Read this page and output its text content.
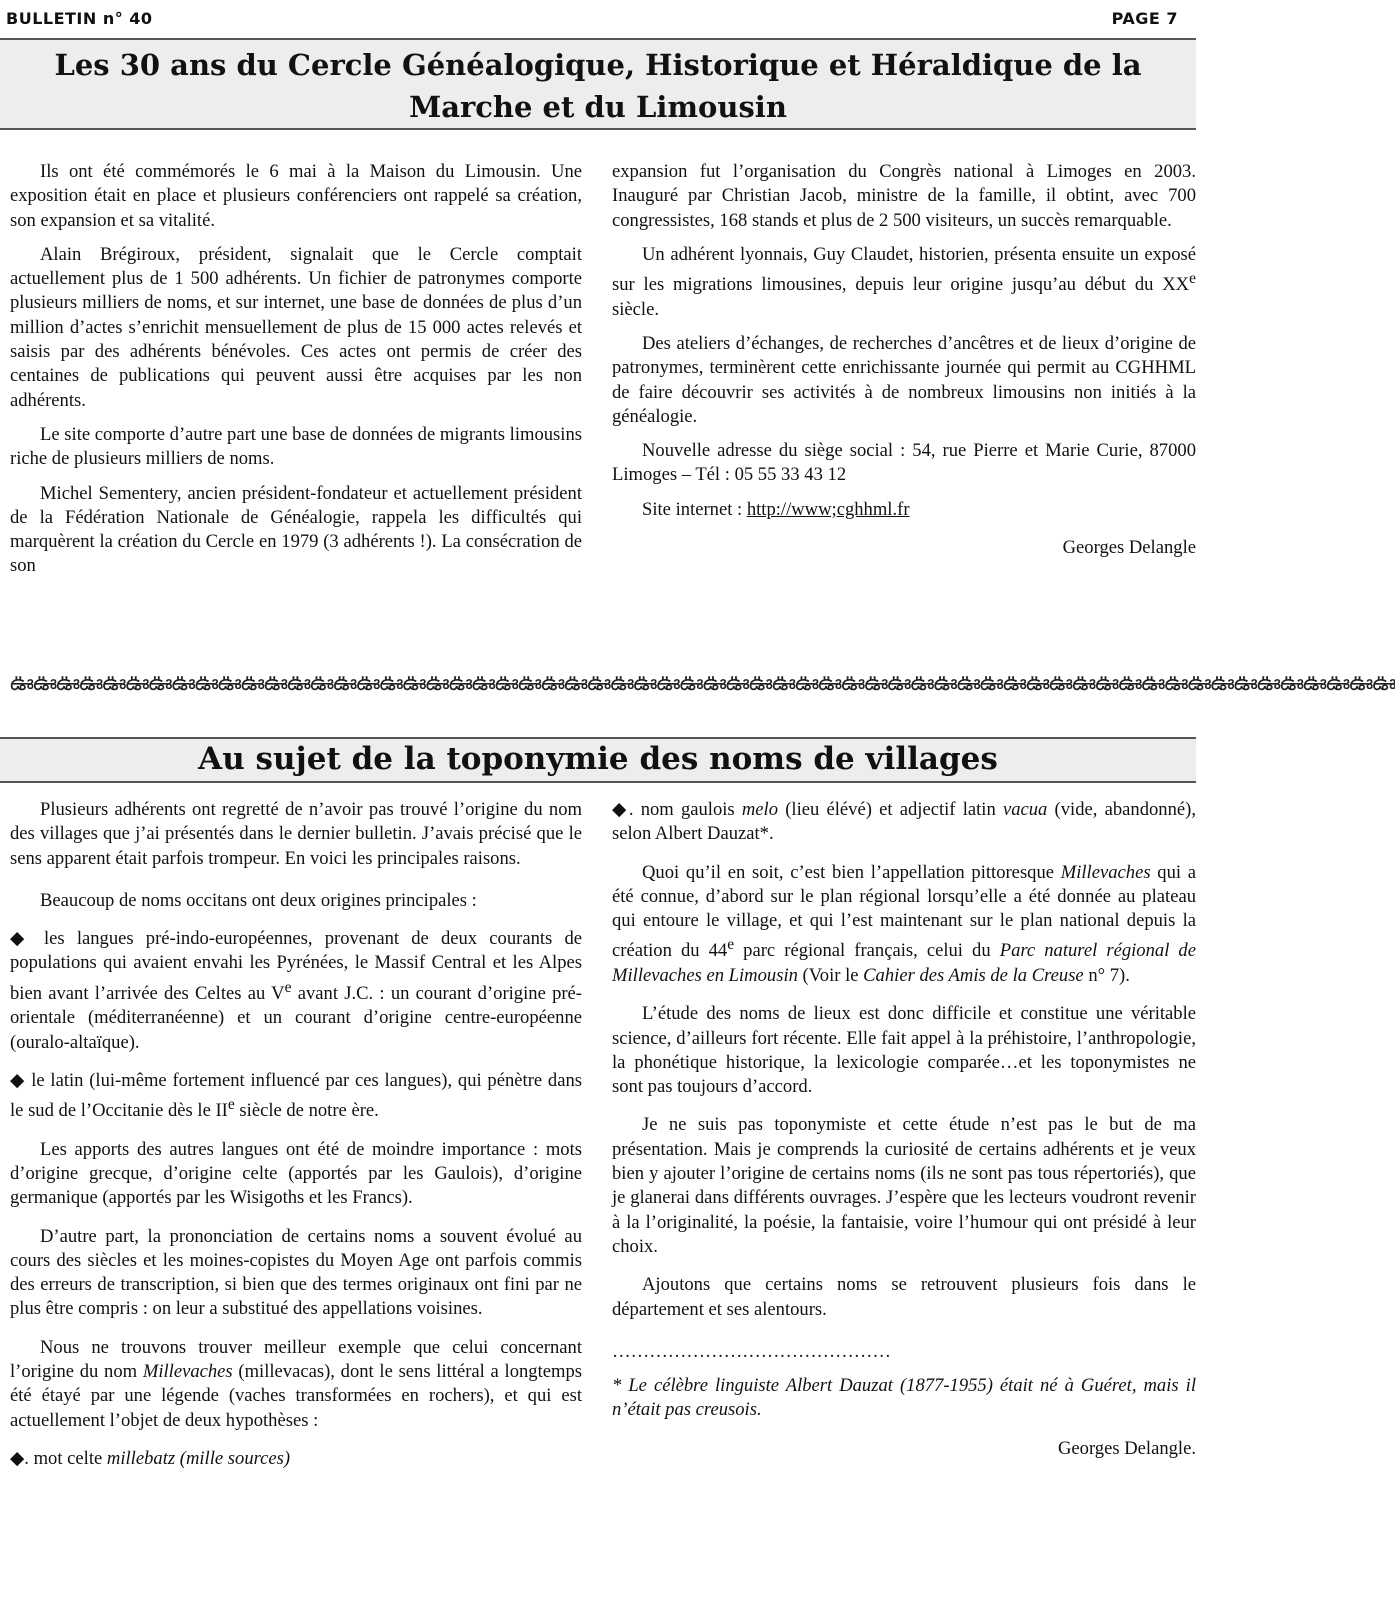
BULLETIN n° 40	PAGE 7
Les 30 ans du Cercle Généalogique, Historique et Héraldique de la Marche et du Limousin

Ils ont été commémorés le 6 mai à la Maison du Limousin. Une exposition était en place et plusieurs conférenciers ont rappelé sa création, son expansion et sa vitalité.

Alain Brégiroux, président, signalait que le Cercle comptait actuellement plus de 1 500 adhérents. Un fichier de patronymes comporte plusieurs milliers de noms, et sur internet, une base de données de plus d’un million d’actes s’enrichit mensuellement de plus de 15 000 actes relevés et saisis par des adhérents bénévoles. Ces actes ont permis de créer des centaines de publications qui peuvent aussi être acquises par les non adhérents.

Le site comporte d’autre part une base de données de migrants limousins riche de plusieurs milliers de noms.

Michel Sementery, ancien président-fondateur et actuellement président de la Fédération Nationale de Généalogie, rappela les difficultés qui marquèrent la création du Cercle en 1979 (3 adhérents !). La consécration de son

expansion fut l’organisation du Congrès national à Limoges en 2003. Inauguré par Christian Jacob, ministre de la famille, il obtint, avec 700 congressistes, 168 stands et plus de 2 500 visiteurs, un succès remarquable.

Un adhérent lyonnais, Guy Claudet, historien, présenta ensuite un exposé sur les migrations limousines, depuis leur origine jusqu’au début du XXe siècle.

Des ateliers d’échanges, de recherches d’ancêtres et de lieux d’origine de patronymes, terminèrent cette enrichissante journée qui permit au CGHHML de faire découvrir ses activités à de nombreux limousins non initiés à la généalogie.

Nouvelle adresse du siège social : 54, rue Pierre et Marie Curie, 87000 Limoges – Tél : 05 55 33 43 12

Site internet : http://www;cghhml.fr

Georges Delangle

ఊఊఊఊఊఊఊఊఊఊఊఊఊఊఊఊఊఊఊఊఊఊఊఊఊఊఊఊఊఊఊఊఊఊఊఊఊఊఊఊఊఊఊఊఊఊఊఊఊఊఊఊఊఊఊఊఊఊఊఊ
Au sujet de la toponymie des noms de villages

Plusieurs adhérents ont regretté de n’avoir pas trouvé l’origine du nom des villages que j’ai présentés dans le dernier bulletin. J’avais précisé que le sens apparent était parfois trompeur. En voici les principales raisons.

Beaucoup de noms occitans ont deux origines principales :

◆ les langues pré-indo-européennes, provenant de deux courants de populations qui avaient envahi les Pyrénées, le Massif Central et les Alpes bien avant l’arrivée des Celtes au Ve avant J.C. : un courant d’origine pré-orientale (méditerranéenne) et un courant d’origine centre-européenne (ouralo-altaïque).

◆ le latin (lui-même fortement influencé par ces langues), qui pénètre dans le sud de l’Occitanie dès le IIe siècle de notre ère.

Les apports des autres langues ont été de moindre importance : mots d’origine grecque, d’origine celte (apportés par les Gaulois), d’origine germanique (apportés par les Wisigoths et les Francs).

D’autre part, la prononciation de certains noms a souvent évolué au cours des siècles et les moines-copistes du Moyen Age ont parfois commis des erreurs de transcription, si bien que des termes originaux ont fini par ne plus être compris : on leur a substitué des appellations voisines.

Nous ne trouvons trouver meilleur exemple que celui concernant l’origine du nom Millevaches (millevacas), dont le sens littéral a longtemps été étayé par une légende (vaches transformées en rochers), et qui est actuellement l’objet de deux hypothèses :

◆. mot celte millebatz (mille sources)

◆. nom gaulois melo (lieu élévé) et adjectif latin vacua (vide, abandonné), selon Albert Dauzat*.

Quoi qu’il en soit, c’est bien l’appellation pittoresque Millevaches qui a été connue, d’abord sur le plan régional lorsqu’elle a été donnée au plateau qui entoure le village, et qui l’est maintenant sur le plan national depuis la création du 44e parc régional français, celui du Parc naturel régional de Millevaches en Limousin (Voir le Cahier des Amis de la Creuse n° 7).

L’étude des noms de lieux est donc difficile et constitue une véritable science, d’ailleurs fort récente. Elle fait appel à la préhistoire, l’anthropologie, la phonétique historique, la lexicologie comparée…et les toponymistes ne sont pas toujours d’accord.

Je ne suis pas toponymiste et cette étude n’est pas le but de ma présentation. Mais je comprends la curiosité de certains adhérents et je veux bien y ajouter l’origine de certains noms (ils ne sont pas tous répertoriés), que je glanerai dans différents ouvrages. J’espère que les lecteurs voudront revenir à la l’originalité, la poésie, la fantaisie, voire l’humour qui ont présidé à leur choix.

Ajoutons que certains noms se retrouvent plusieurs fois dans le département et ses alentours.

………………………………………

* Le célèbre linguiste Albert Dauzat (1877-1955) était né à Guéret, mais il n’était pas creusois.

Georges Delangle.
